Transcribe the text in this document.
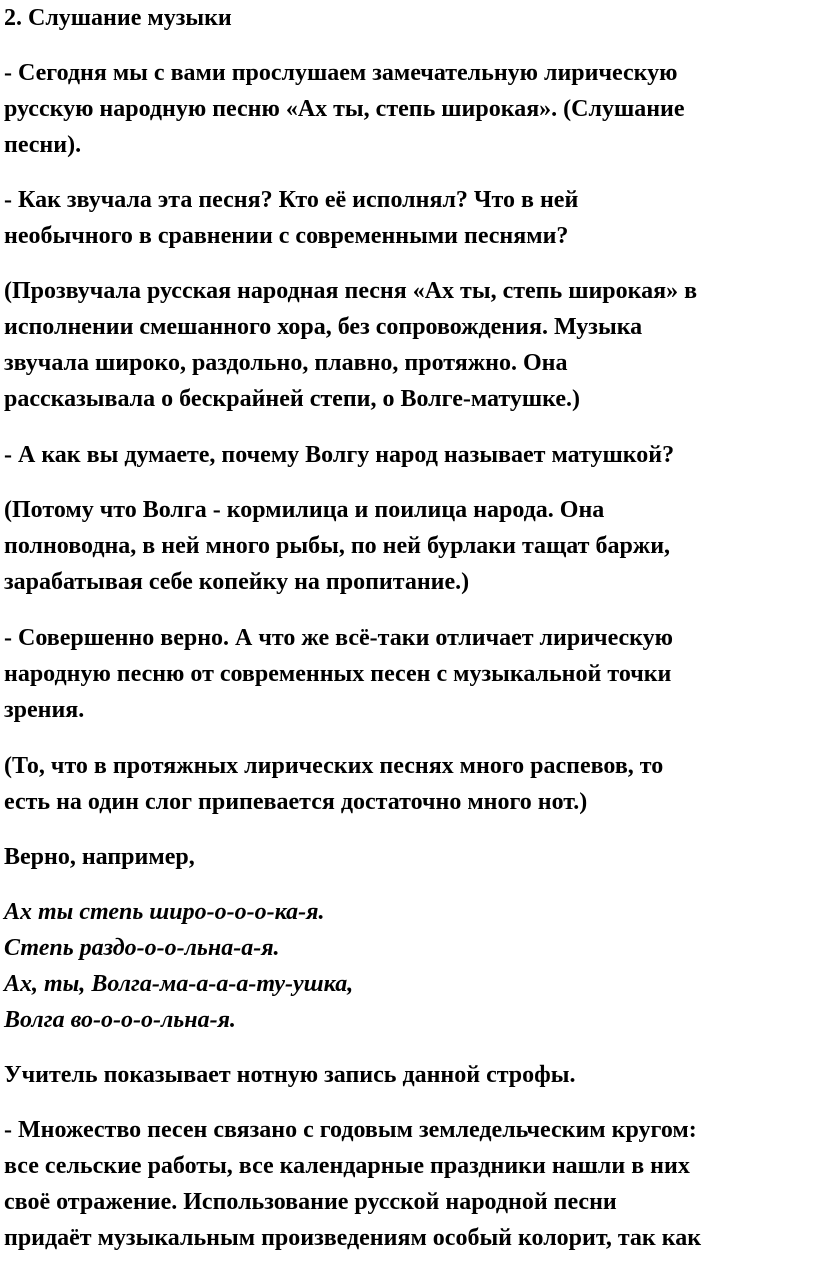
2. Слушание музыки
- Сегодня мы с вами прослушаем замечательную лирическую
русскую народную песню «Ах ты, степь широкая». (Слушание
песни).
- Как звучала эта песня? Кто её исполнял? Что в ней
необычного в сравнении с современными песнями?
(Прозвучала русская народная песня «Ах ты, степь широкая» в
исполнении смешанного хора, без сопровождения. Музыка
звучала широко, раздольно, плавно, протяжно. Она
рассказывала о бескрайней степи, о Волге-матушке.)
- А как вы думаете, почему Волгу народ называет матушкой?
(Потому что Волга - кормилица и поилица народа. Она
полноводна, в ней много рыбы, по ней бурлаки тащат баржи,
зарабатывая себе копейку на пропитание.)
- Совершенно верно. А что же всё-таки отличает лирическую
народную песню от современных песен с музыкальной точки
зрения.
(То, что в протяжных лирических песнях много распевов, то
есть на один слог припевается достаточно много нот.)
Верно, например,
Ах ты степь широ-о-о-о-ка-я.
Степь раздо-о-о-льна-а-я.
Ах, ты, Волга-ма-а-а-а-ту-ушка,
Волга во-о-о-о-льна-я.
Учитель показывает нотную запись данной строфы.
- Множество песен связано с годовым земледельческим кругом:
все сельские работы, все календарные праздники нашли в них
своё отражение. Использование русской народной песни
придаёт музыкальным произведениям особый колорит, так как
